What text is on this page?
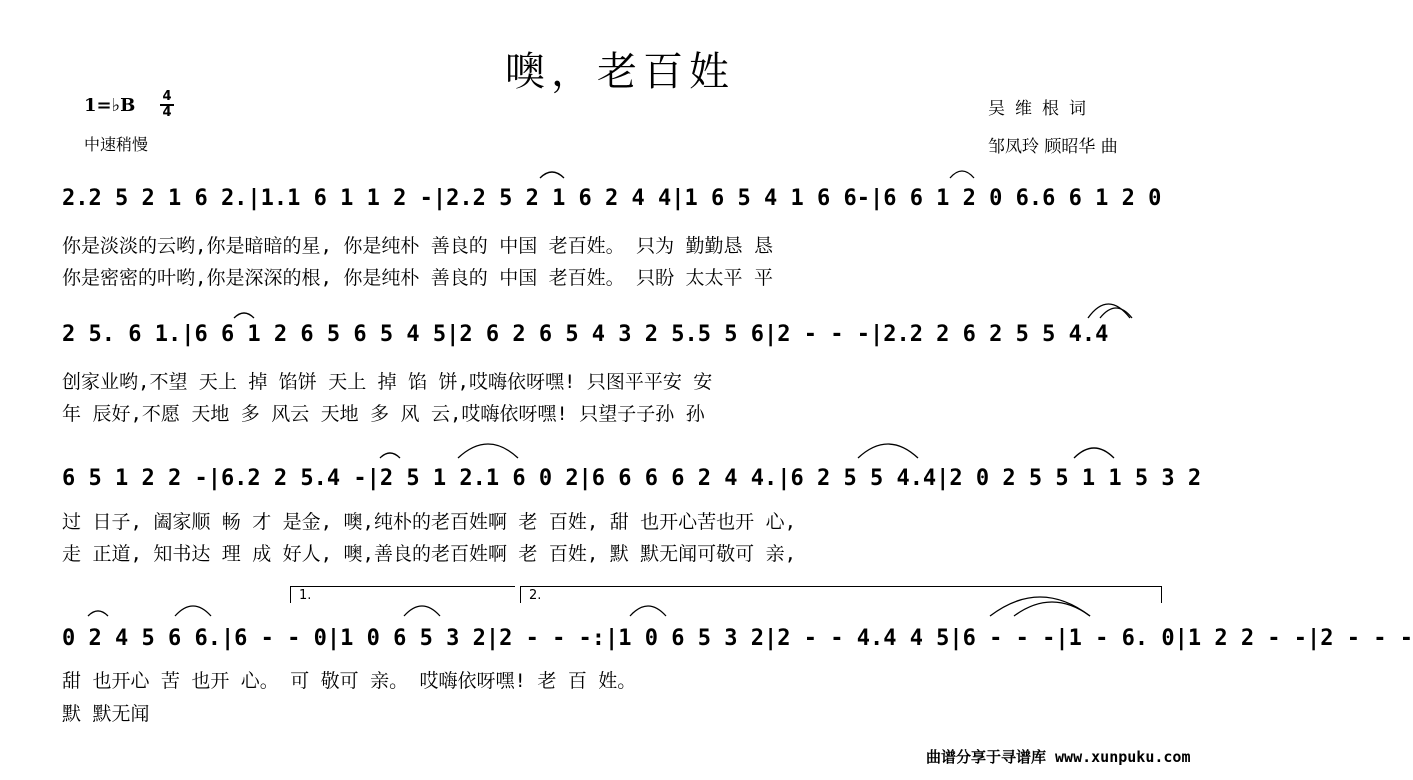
噢，老百姓
1=♭B	4
4
中速稍慢
吴维根词
邹凤玲 顾昭华 曲
2.2 5 2 1 6 2.|1.1 6 1 1 2 -|2.2 5 2 1 6 2 4 4|1 6 5 4 1 6 6-|6 6 1 2 0 6.6 6 1 2 0
你是淡淡的云哟,你是暗暗的星, 你是纯朴 善良的 中国 老百姓。 只为 勤勤恳 恳
你是密密的叶哟,你是深深的根, 你是纯朴 善良的 中国 老百姓。 只盼 太太平 平
2 5. 6 1.|6 6 1 2 6 5 6 5 4 5|2 6 2 6 5 4 3 2 5.5 5 6|2 - - -|2.2 2 6 2 5 5 4.4
创家业哟,不望 天上 掉 馅饼 天上 掉 馅 饼,哎嗨依呀嘿! 只图平平安 安
年 辰好,不愿 天地 多 风云 天地 多 风 云,哎嗨依呀嘿! 只望子子孙 孙
6 5 1 2 2 -|6.2 2 5.4 -|2 5 1 2.1 6 0 2|6 6 6 6 2 4 4.|6 2 5 5 4.4|2 0 2 5 5 1 1 5 3 2
过 日子, 阖家顺 畅 才 是金, 噢,纯朴的老百姓啊 老 百姓, 甜 也开心苦也开 心,
走 正道, 知书达 理 成 好人, 噢,善良的老百姓啊 老 百姓, 默 默无闻可敬可 亲,
1.	2.
0 2 4 5 6 6.|6 - - 0|1 0 6 5 3 2|2 - - -:|1 0 6 5 3 2|2 - - 4.4 4 5|6 - - -|1 - 6. 0|1 2 2 - -|2 - - -
甜 也开心 苦 也开 心。 可 敬可 亲。 哎嗨依呀嘿! 老 百 姓。
默 默无闻
曲谱分享于寻谱库 www.xunpuku.com
